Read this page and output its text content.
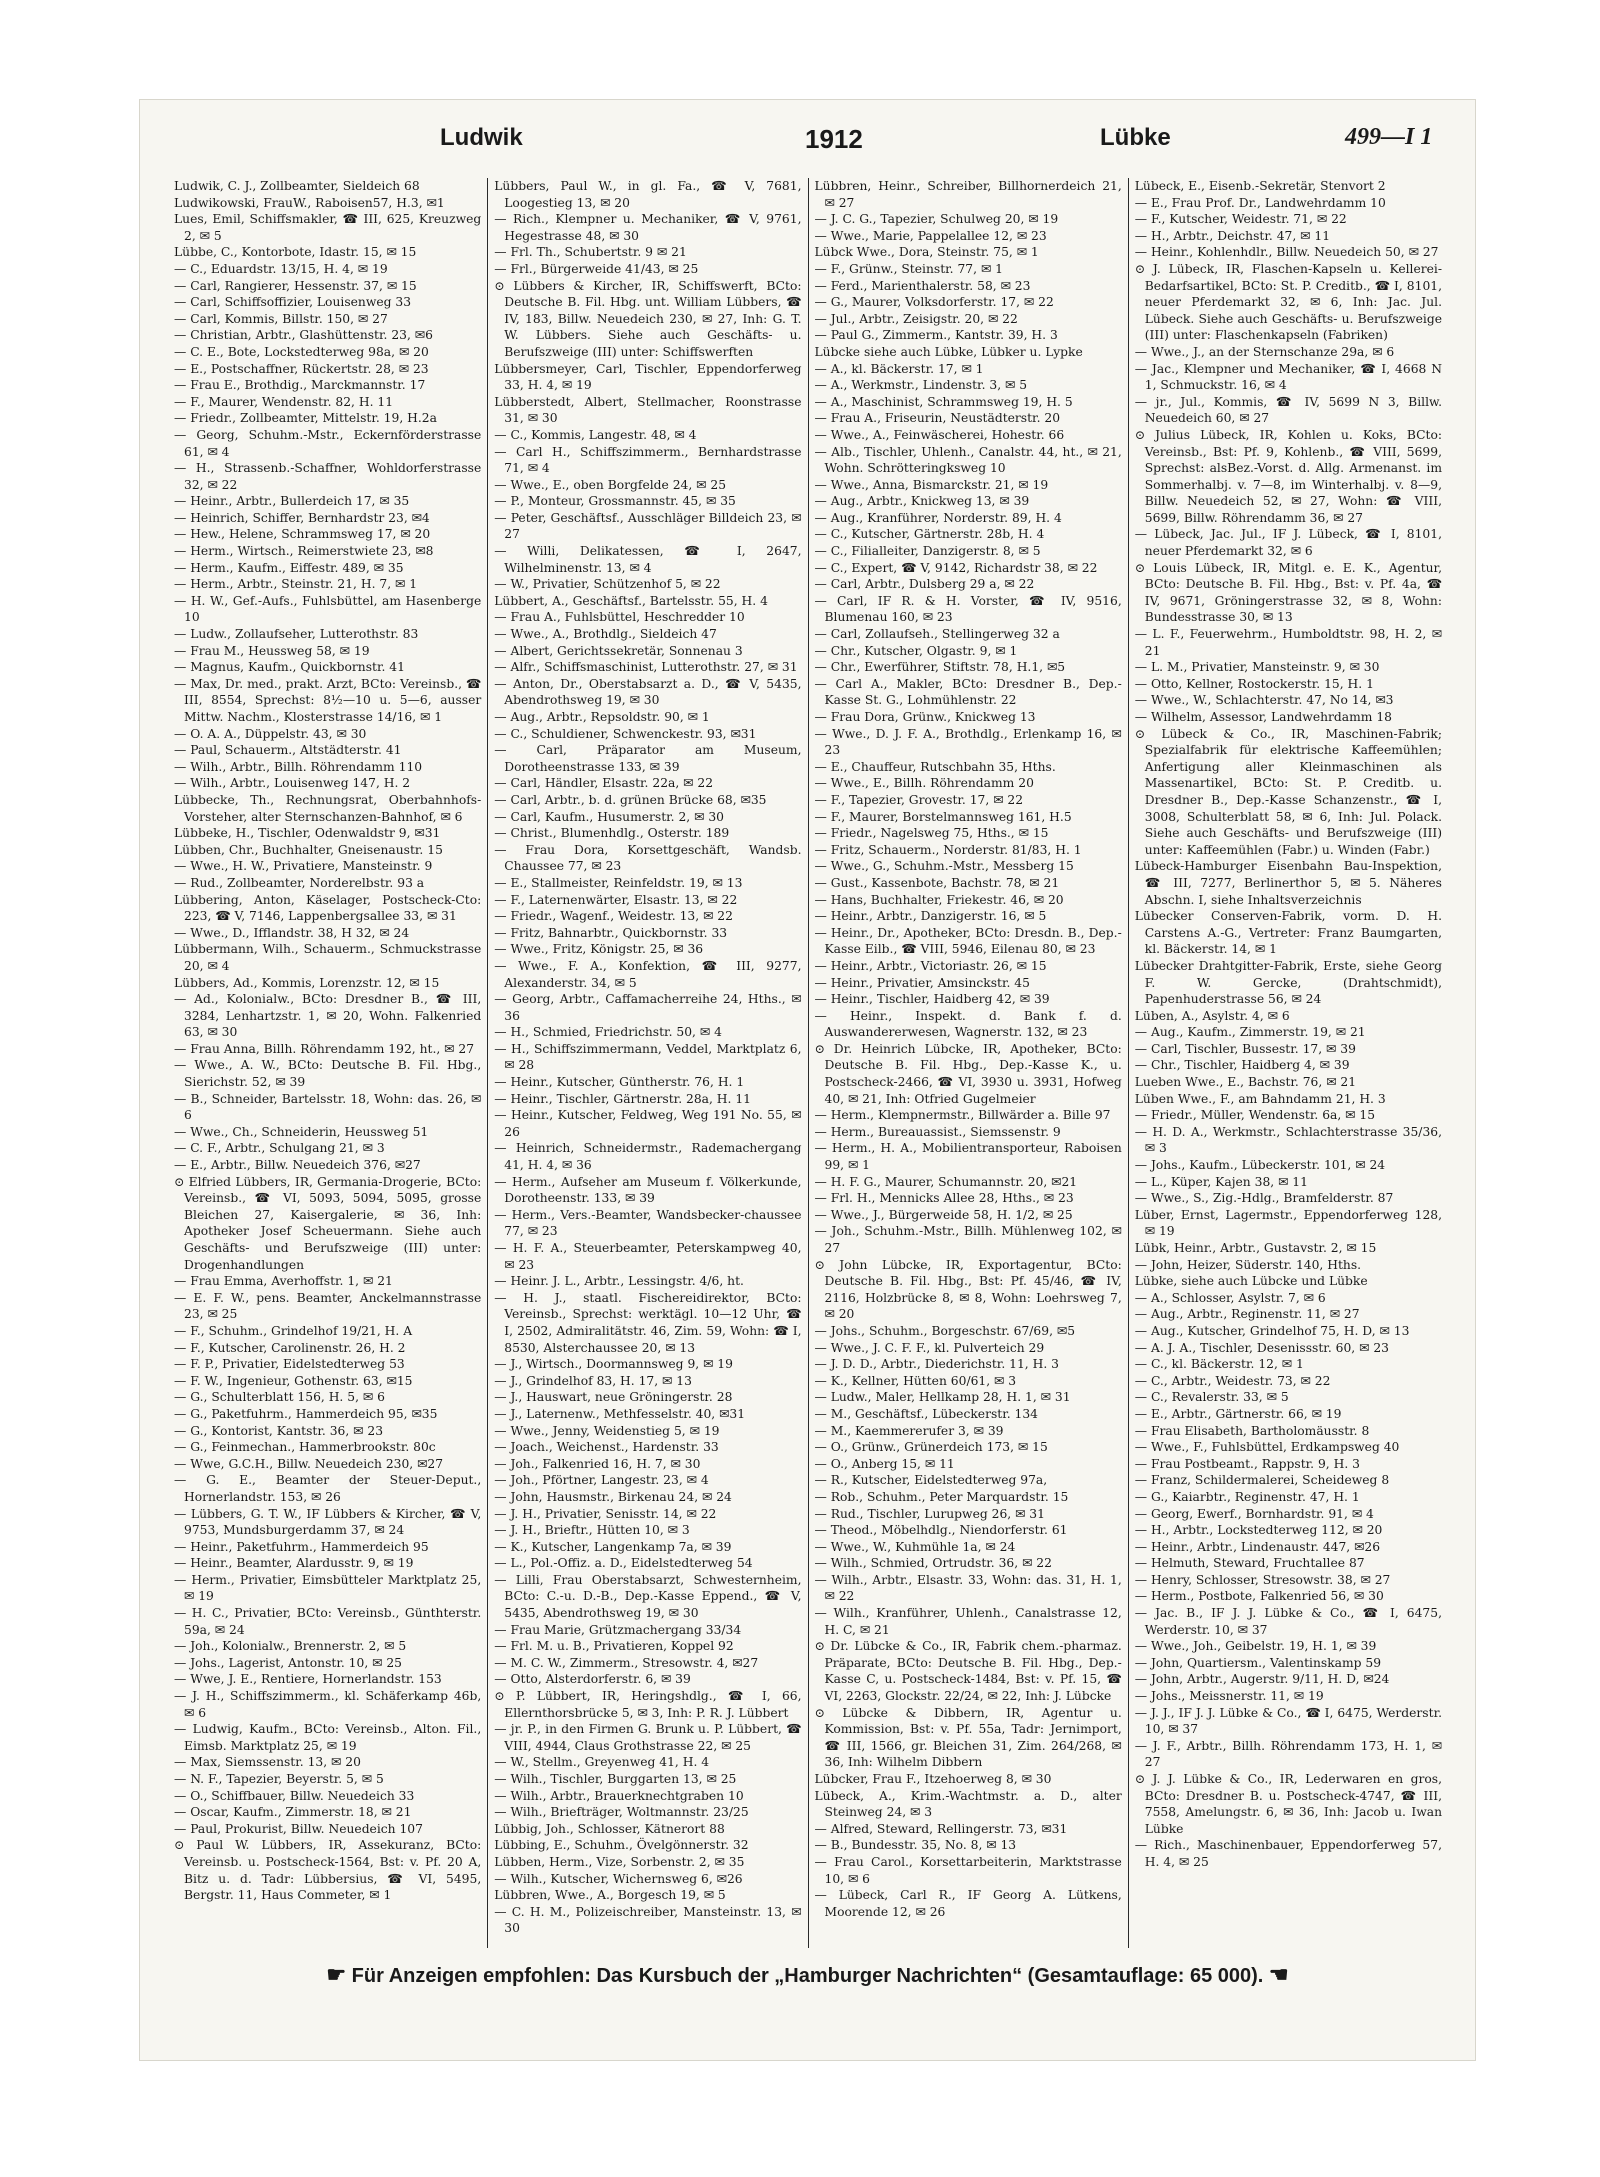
Ludwik	1912	Lübke	499—I 1
Ludwik, C. J., Zollbeamter, Sieldeich 68
Ludwikowski, FrauW., Raboisen57, H.3, ✉1
Lues, Emil, Schiffsmakler, ☎ III, 625, Kreuzweg 2, ✉ 5
Lübbe, C., Kontorbote, Idastr. 15, ✉ 15
— C., Eduardstr. 13/15, H. 4, ✉ 19
— Carl, Rangierer, Hessenstr. 37, ✉ 15
— Carl, Schiffsoffizier, Louisenweg 33
— Carl, Kommis, Billstr. 150, ✉ 27
— Christian, Arbtr., Glashüttenstr. 23, ✉6
— C. E., Bote, Lockstedterweg 98a, ✉ 20
— E., Postschaffner, Rückertstr. 28, ✉ 23
— Frau E., Brothdig., Marckmannstr. 17
— F., Maurer, Wendenstr. 82, H. 11
— Friedr., Zollbeamter, Mittelstr. 19, H.2a
— Georg, Schuhm.-Mstr., Eckernförderstrasse 61, ✉ 4
— H., Strassenb.-Schaffner, Wohldorferstrasse 32, ✉ 22
— Heinr., Arbtr., Bullerdeich 17, ✉ 35
— Heinrich, Schiffer, Bernhardstr 23, ✉4
— Hew., Helene, Schrammsweg 17, ✉ 20
— Herm., Wirtsch., Reimerstwiete 23, ✉8
— Herm., Kaufm., Eiffestr. 489, ✉ 35
— Herm., Arbtr., Steinstr. 21, H. 7, ✉ 1
— H. W., Gef.-Aufs., Fuhlsbüttel, am Hasenberge 10
— Ludw., Zollaufseher, Lutterothstr. 83
— Frau M., Heussweg 58, ✉ 19
— Magnus, Kaufm., Quickbornstr. 41
— Max, Dr. med., prakt. Arzt, BCto: Vereinsb., ☎ III, 8554, Sprechst: 8½—10 u. 5—6, ausser Mittw. Nachm., Klosterstrasse 14/16, ✉ 1
— O. A. A., Düppelstr. 43, ✉ 30
— Paul, Schauerm., Altstädterstr. 41
— Wilh., Arbtr., Billh. Röhrendamm 110
— Wilh., Arbtr., Louisenweg 147, H. 2
Lübbecke, Th., Rechnungsrat, Oberbahnhofs-Vorsteher, alter Sternschanzen-Bahnhof, ✉ 6
Lübbeke, H., Tischler, Odenwaldstr 9, ✉31
Lübben, Chr., Buchhalter, Gneisenaustr. 15
— Wwe., H. W., Privatiere, Mansteinstr. 9
— Rud., Zollbeamter, Norderelbstr. 93 a
Lübbering, Anton, Käselager, Postscheck-Cto: 223, ☎ V, 7146, Lappenbergsallee 33, ✉ 31
— Wwe., D., Ifflandstr. 38, H 32, ✉ 24
Lübbermann, Wilh., Schauerm., Schmuckstrasse 20, ✉ 4
Lübbers, Ad., Kommis, Lorenzstr. 12, ✉ 15
— Ad., Kolonialw., BCto: Dresdner B., ☎ III, 3284, Lenhartzstr. 1, ✉ 20, Wohn. Falkenried 63, ✉ 30
— Frau Anna, Billh. Röhrendamm 192, ht., ✉ 27
— Wwe., A. W., BCto: Deutsche B. Fil. Hbg., Sierichstr. 52, ✉ 39
— B., Schneider, Bartelsstr. 18, Wohn: das. 26, ✉ 6
— Wwe., Ch., Schneiderin, Heussweg 51
— C. F., Arbtr., Schulgang 21, ✉ 3
— E., Arbtr., Billw. Neuedeich 376, ✉27
⊙ Elfried Lübbers, IR, Germania-Drogerie, BCto: Vereinsb., ☎ VI, 5093, 5094, 5095, grosse Bleichen 27, Kaisergalerie, ✉ 36, Inh: Apotheker Josef Scheuermann. Siehe auch Geschäfts- und Berufszweige (III) unter: Drogenhandlungen
— Frau Emma, Averhoffstr. 1, ✉ 21
— E. F. W., pens. Beamter, Anckelmannstrasse 23, ✉ 25
— F., Schuhm., Grindelhof 19/21, H. A
— F., Kutscher, Carolinenstr. 26, H. 2
— F. P., Privatier, Eidelstedterweg 53
— F. W., Ingenieur, Gothenstr. 63, ✉15
— G., Schulterblatt 156, H. 5, ✉ 6
— G., Paketfuhrm., Hammerdeich 95, ✉35
— G., Kontorist, Kantstr. 36, ✉ 23
— G., Feinmechan., Hammerbrookstr. 80c
— Wwe, G.C.H., Billw. Neuedeich 230, ✉27
— G. E., Beamter der Steuer-Deput., Hornerlandstr. 153, ✉ 26
— Lübbers, G. T. W., IF Lübbers & Kircher, ☎ V, 9753, Mundsburgerdamm 37, ✉ 24
— Heinr., Paketfuhrm., Hammerdeich 95
— Heinr., Beamter, Alardusstr. 9, ✉ 19
— Herm., Privatier, Eimsbütteler Marktplatz 25, ✉ 19
— H. C., Privatier, BCto: Vereinsb., Günthterstr. 59a, ✉ 24
— Joh., Kolonialw., Brennerstr. 2, ✉ 5
— Johs., Lagerist, Antonstr. 10, ✉ 25
— Wwe, J. E., Rentiere, Hornerlandstr. 153
— J. H., Schiffszimmerm., kl. Schäferkamp 46b, ✉ 6
— Ludwig, Kaufm., BCto: Vereinsb., Alton. Fil., Eimsb. Marktplatz 25, ✉ 19
— Max, Siemssenstr. 13, ✉ 20
— N. F., Tapezier, Beyerstr. 5, ✉ 5
— O., Schiffbauer, Billw. Neuedeich 33
— Oscar, Kaufm., Zimmerstr. 18, ✉ 21
— Paul, Prokurist, Billw. Neuedeich 107
⊙ Paul W. Lübbers, IR, Assekuranz, BCto: Vereinsb. u. Postscheck-1564, Bst: v. Pf. 20 A, Bitz u. d. Tadr: Lübbersius, ☎ VI, 5495, Bergstr. 11, Haus Commeter, ✉ 1
Lübbers, Paul W., in gl. Fa., ☎ V, 7681, Loogestieg 13, ✉ 20
— Rich., Klempner u. Mechaniker, ☎ V, 9761, Hegestrasse 48, ✉ 30
— Frl. Th., Schubertstr. 9 ✉ 21
— Frl., Bürgerweide 41/43, ✉ 25
⊙ Lübbers & Kircher, IR, Schiffswerft, BCto: Deutsche B. Fil. Hbg. unt. William Lübbers, ☎ IV, 183, Billw. Neuedeich 230, ✉ 27, Inh: G. T. W. Lübbers. Siehe auch Geschäfts- u. Berufszweige (III) unter: Schiffswerften
Lübbersmeyer, Carl, Tischler, Eppendorferweg 33, H. 4, ✉ 19
Lübberstedt, Albert, Stellmacher, Roonstrasse 31, ✉ 30
— C., Kommis, Langestr. 48, ✉ 4
— Carl H., Schiffszimmerm., Bernhardstrasse 71, ✉ 4
— Wwe., E., oben Borgfelde 24, ✉ 25
— P., Monteur, Grossmannstr. 45, ✉ 35
— Peter, Geschäftsf., Ausschläger Billdeich 23, ✉ 27
— Willi, Delikatessen, ☎ I, 2647, Wilhelminenstr. 13, ✉ 4
— W., Privatier, Schützenhof 5, ✉ 22
Lübbert, A., Geschäftsf., Bartelsstr. 55, H. 4
— Frau A., Fuhlsbüttel, Heschredder 10
— Wwe., A., Brothdlg., Sieldeich 47
— Albert, Gerichtssekretär, Sonnenau 3
— Alfr., Schiffsmaschinist, Lutterothstr. 27, ✉ 31
— Anton, Dr., Oberstabsarzt a. D., ☎ V, 5435, Abendrothsweg 19, ✉ 30
— Aug., Arbtr., Repsoldstr. 90, ✉ 1
— C., Schuldiener, Schwenckestr. 93, ✉31
— Carl, Präparator am Museum, Dorotheenstrasse 133, ✉ 39
— Carl, Händler, Elsastr. 22a, ✉ 22
— Carl, Arbtr., b. d. grünen Brücke 68, ✉35
— Carl, Kaufm., Husumerstr. 2, ✉ 30
— Christ., Blumenhdlg., Osterstr. 189
— Frau Dora, Korsettgeschäft, Wandsb. Chaussee 77, ✉ 23
— E., Stallmeister, Reinfeldstr. 19, ✉ 13
— F., Laternenwärter, Elsastr. 13, ✉ 22
— Friedr., Wagenf., Weidestr. 13, ✉ 22
— Fritz, Bahnarbtr., Quickbornstr. 33
— Wwe., Fritz, Königstr. 25, ✉ 36
— Wwe., F. A., Konfektion, ☎ III, 9277, Alexanderstr. 34, ✉ 5
— Georg, Arbtr., Caffamacherreihe 24, Hths., ✉ 36
— H., Schmied, Friedrichstr. 50, ✉ 4
— H., Schiffszimmermann, Veddel, Marktplatz 6, ✉ 28
— Heinr., Kutscher, Güntherstr. 76, H. 1
— Heinr., Tischler, Gärtnerstr. 28a, H. 11
— Heinr., Kutscher, Feldweg, Weg 191 No. 55, ✉ 26
— Heinrich, Schneidermstr., Rademachergang 41, H. 4, ✉ 36
— Herm., Aufseher am Museum f. Völkerkunde, Dorotheenstr. 133, ✉ 39
— Herm., Vers.-Beamter, Wandsbecker-chaussee 77, ✉ 23
— H. F. A., Steuerbeamter, Peterskampweg 40, ✉ 23
— Heinr. J. L., Arbtr., Lessingstr. 4/6, ht.
— H. J., staatl. Fischereidirektor, BCto: Vereinsb., Sprechst: werktägl. 10—12 Uhr, ☎ I, 2502, Admiralitätstr. 46, Zim. 59, Wohn: ☎ I, 8530, Alsterchaussee 20, ✉ 13
— J., Wirtsch., Doormannsweg 9, ✉ 19
— J., Grindelhof 83, H. 17, ✉ 13
— J., Hauswart, neue Gröningerstr. 28
— J., Laternenw., Methfesselstr. 40, ✉31
— Wwe., Jenny, Weidenstieg 5, ✉ 19
— Joach., Weichenst., Hardenstr. 33
— Joh., Falkenried 16, H. 7, ✉ 30
— Joh., Pförtner, Langestr. 23, ✉ 4
— John, Hausmstr., Birkenau 24, ✉ 24
— J. H., Privatier, Senisstr. 14, ✉ 22
— J. H., Brieftr., Hütten 10, ✉ 3
— K., Kutscher, Langenkamp 7a, ✉ 39
— L., Pol.-Offiz. a. D., Eidelstedterweg 54
— Lilli, Frau Oberstabsarzt, Schwesternheim, BCto: C.-u. D.-B., Dep.-Kasse Eppend., ☎ V, 5435, Abendrothsweg 19, ✉ 30
— Frau Marie, Grützmachergang 33/34
— Frl. M. u. B., Privatieren, Koppel 92
— M. C. W., Zimmerm., Stresowstr. 4, ✉27
— Otto, Alsterdorferstr. 6, ✉ 39
⊙ P. Lübbert, IR, Heringshdlg., ☎ I, 66, Ellernthorsbrücke 5, ✉ 3, Inh: P. R. J. Lübbert
— jr. P., in den Firmen G. Brunk u. P. Lübbert, ☎ VIII, 4944, Claus Grothstrasse 22, ✉ 25
— W., Stellm., Greyenweg 41, H. 4
— Wilh., Tischler, Burggarten 13, ✉ 25
— Wilh., Arbtr., Brauerknechtgraben 10
— Wilh., Briefträger, Woltmannstr. 23/25
Lübbig, Joh., Schlosser, Kätnerort 88
Lübbing, E., Schuhm., Övelgönnerstr. 32
Lübben, Herm., Vize, Sorbenstr. 2, ✉ 35
— Wilh., Kutscher, Wichernsweg 6, ✉26
Lübbren, Wwe., A., Borgesch 19, ✉ 5
— C. H. M., Polizeischreiber, Mansteinstr. 13, ✉ 30
Lübbren, Heinr., Schreiber, Billhornerdeich 21, ✉ 27
— J. C. G., Tapezier, Schulweg 20, ✉ 19
— Wwe., Marie, Pappelallee 12, ✉ 23
Lübck Wwe., Dora, Steinstr. 75, ✉ 1
— F., Grünw., Steinstr. 77, ✉ 1
— Ferd., Marienthalerstr. 58, ✉ 23
— G., Maurer, Volksdorferstr. 17, ✉ 22
— Jul., Arbtr., Zeisigstr. 20, ✉ 22
— Paul G., Zimmerm., Kantstr. 39, H. 3
Lübcke siehe auch Lübke, Lübker u. Lypke
— A., kl. Bäckerstr. 17, ✉ 1
— A., Werkmstr., Lindenstr. 3, ✉ 5
— A., Maschinist, Schrammsweg 19, H. 5
— Frau A., Friseurin, Neustädterstr. 20
— Wwe., A., Feinwäscherei, Hohestr. 66
— Alb., Tischler, Uhlenh., Canalstr. 44, ht., ✉ 21, Wohn. Schrötteringksweg 10
— Wwe., Anna, Bismarckstr. 21, ✉ 19
— Aug., Arbtr., Knickweg 13, ✉ 39
— Aug., Kranführer, Norderstr. 89, H. 4
— C., Kutscher, Gärtnerstr. 28b, H. 4
— C., Filialleiter, Danzigerstr. 8, ✉ 5
— C., Expert, ☎ V, 9142, Richardstr 38, ✉ 22
— Carl, Arbtr., Dulsberg 29 a, ✉ 22
— Carl, IF R. & H. Vorster, ☎ IV, 9516, Blumenau 160, ✉ 23
— Carl, Zollaufseh., Stellingerweg 32 a
— Chr., Kutscher, Olgastr. 9, ✉ 1
— Chr., Ewerführer, Stiftstr. 78, H.1, ✉5
— Carl A., Makler, BCto: Dresdner B., Dep.-Kasse St. G., Lohmühlenstr. 22
— Frau Dora, Grünw., Knickweg 13
— Wwe., D. J. F. A., Brothdlg., Erlenkamp 16, ✉ 23
— E., Chauffeur, Rutschbahn 35, Hths.
— Wwe., E., Billh. Röhrendamm 20
— F., Tapezier, Grovestr. 17, ✉ 22
— F., Maurer, Borstelmannsweg 161, H.5
— Friedr., Nagelsweg 75, Hths., ✉ 15
— Fritz, Schauerm., Norderstr. 81/83, H. 1
— Wwe., G., Schuhm.-Mstr., Messberg 15
— Gust., Kassenbote, Bachstr. 78, ✉ 21
— Hans, Buchhalter, Friekestr. 46, ✉ 20
— Heinr., Arbtr., Danzigerstr. 16, ✉ 5
— Heinr., Dr., Apotheker, BCto: Dresdn. B., Dep.-Kasse Eilb., ☎ VIII, 5946, Eilenau 80, ✉ 23
— Heinr., Arbtr., Victoriastr. 26, ✉ 15
— Heinr., Privatier, Amsinckstr. 45
— Heinr., Tischler, Haidberg 42, ✉ 39
— Heinr., Inspekt. d. Bank f. d. Auswandererwesen, Wagnerstr. 132, ✉ 23
⊙ Dr. Heinrich Lübcke, IR, Apotheker, BCto: Deutsche B. Fil. Hbg., Dep.-Kasse K., u. Postscheck-2466, ☎ VI, 3930 u. 3931, Hofweg 40, ✉ 21, Inh: Otfried Gugelmeier
— Herm., Klempnermstr., Billwärder a. Bille 97
— Herm., Bureauassist., Siemssenstr. 9
— Herm., H. A., Mobilientransporteur, Raboisen 99, ✉ 1
— H. F. G., Maurer, Schumannstr. 20, ✉21
— Frl. H., Mennicks Allee 28, Hths., ✉ 23
— Wwe., J., Bürgerweide 58, H. 1/2, ✉ 25
— Joh., Schuhm.-Mstr., Billh. Mühlenweg 102, ✉ 27
⊙ John Lübcke, IR, Exportagentur, BCto: Deutsche B. Fil. Hbg., Bst: Pf. 45/46, ☎ IV, 2116, Holzbrücke 8, ✉ 8, Wohn: Loehrsweg 7, ✉ 20
— Johs., Schuhm., Borgeschstr. 67/69, ✉5
— Wwe., J. C. F. F., kl. Pulverteich 29
— J. D. D., Arbtr., Diederichstr. 11, H. 3
— K., Kellner, Hütten 60/61, ✉ 3
— Ludw., Maler, Hellkamp 28, H. 1, ✉ 31
— M., Geschäftsf., Lübeckerstr. 134
— M., Kaemmererufer 3, ✉ 39
— O., Grünw., Grünerdeich 173, ✉ 15
— O., Anberg 15, ✉ 11
— R., Kutscher, Eidelstedterweg 97a,
— Rob., Schuhm., Peter Marquardstr. 15
— Rud., Tischler, Lurupweg 26, ✉ 31
— Theod., Möbelhdlg., Niendorferstr. 61
— Wwe., W., Kuhmühle 1a, ✉ 24
— Wilh., Schmied, Ortrudstr. 36, ✉ 22
— Wilh., Arbtr., Elsastr. 33, Wohn: das. 31, H. 1, ✉ 22
— Wilh., Kranführer, Uhlenh., Canalstrasse 12, H. C, ✉ 21
⊙ Dr. Lübcke & Co., IR, Fabrik chem.-pharmaz. Präparate, BCto: Deutsche B. Fil. Hbg., Dep.-Kasse C, u. Postscheck-1484, Bst: v. Pf. 15, ☎ VI, 2263, Glockstr. 22/24, ✉ 22, Inh: J. Lübcke
⊙ Lübcke & Dibbern, IR, Agentur u. Kommission, Bst: v. Pf. 55a, Tadr: Jernimport, ☎ III, 1566, gr. Bleichen 31, Zim. 264/268, ✉ 36, Inh: Wilhelm Dibbern
Lübcker, Frau F., Itzehoerweg 8, ✉ 30
Lübeck, A., Krim.-Wachtmstr. a. D., alter Steinweg 24, ✉ 3
— Alfred, Steward, Rellingerstr. 73, ✉31
— B., Bundesstr. 35, No. 8, ✉ 13
— Frau Carol., Korsettarbeiterin, Marktstrasse 10, ✉ 6
— Lübeck, Carl R., IF Georg A. Lütkens, Moorende 12, ✉ 26
Lübeck, E., Eisenb.-Sekretär, Stenvort 2
— E., Frau Prof. Dr., Landwehrdamm 10
— F., Kutscher, Weidestr. 71, ✉ 22
— H., Arbtr., Deichstr. 47, ✉ 11
— Heinr., Kohlenhdlr., Billw. Neuedeich 50, ✉ 27
⊙ J. Lübeck, IR, Flaschen-Kapseln u. Kellerei-Bedarfsartikel, BCto: St. P. Creditb., ☎ I, 8101, neuer Pferdemarkt 32, ✉ 6, Inh: Jac. Jul. Lübeck. Siehe auch Geschäfts- u. Berufszweige (III) unter: Flaschenkapseln (Fabriken)
— Wwe., J., an der Sternschanze 29a, ✉ 6
— Jac., Klempner und Mechaniker, ☎ I, 4668 N 1, Schmuckstr. 16, ✉ 4
— jr., Jul., Kommis, ☎ IV, 5699 N 3, Billw. Neuedeich 60, ✉ 27
⊙ Julius Lübeck, IR, Kohlen u. Koks, BCto: Vereinsb., Bst: Pf. 9, Kohlenb., ☎ VIII, 5699, Sprechst: alsBez.-Vorst. d. Allg. Armenanst. im Sommerhalbj. v. 7—8, im Winterhalbj. v. 8—9, Billw. Neuedeich 52, ✉ 27, Wohn: ☎ VIII, 5699, Billw. Röhrendamm 36, ✉ 27
— Lübeck, Jac. Jul., IF J. Lübeck, ☎ I, 8101, neuer Pferdemarkt 32, ✉ 6
⊙ Louis Lübeck, IR, Mitgl. e. E. K., Agentur, BCto: Deutsche B. Fil. Hbg., Bst: v. Pf. 4a, ☎ IV, 9671, Gröningerstrasse 32, ✉ 8, Wohn: Bundesstrasse 30, ✉ 13
— L. F., Feuerwehrm., Humboldtstr. 98, H. 2, ✉ 21
— L. M., Privatier, Mansteinstr. 9, ✉ 30
— Otto, Kellner, Rostockerstr. 15, H. 1
— Wwe., W., Schlachterstr. 47, No 14, ✉3
— Wilhelm, Assessor, Landwehrdamm 18
⊙ Lübeck & Co., IR, Maschinen-Fabrik; Spezialfabrik für elektrische Kaffeemühlen; Anfertigung aller Kleinmaschinen als Massenartikel, BCto: St. P. Creditb. u. Dresdner B., Dep.-Kasse Schanzenstr., ☎ I, 3008, Schulterblatt 58, ✉ 6, Inh: Jul. Polack. Siehe auch Geschäfts- und Berufszweige (III) unter: Kaffeemühlen (Fabr.) u. Winden (Fabr.)
Lübeck-Hamburger Eisenbahn Bau-Inspektion, ☎ III, 7277, Berlinerthor 5, ✉ 5. Näheres Abschn. I, siehe Inhaltsverzeichnis
Lübecker Conserven-Fabrik, vorm. D. H. Carstens A.-G., Vertreter: Franz Baumgarten, kl. Bäckerstr. 14, ✉ 1
Lübecker Drahtgitter-Fabrik, Erste, siehe Georg F. W. Gercke, (Drahtschmidt), Papenhuderstrasse 56, ✉ 24
Lüben, A., Asylstr. 4, ✉ 6
— Aug., Kaufm., Zimmerstr. 19, ✉ 21
— Carl, Tischler, Bussestr. 17, ✉ 39
— Chr., Tischler, Haidberg 4, ✉ 39
Lueben Wwe., E., Bachstr. 76, ✉ 21
Lüben Wwe., F., am Bahndamm 21, H. 3
— Friedr., Müller, Wendenstr. 6a, ✉ 15
— H. D. A., Werkmstr., Schlachterstrasse 35/36, ✉ 3
— Johs., Kaufm., Lübeckerstr. 101, ✉ 24
— L., Küper, Kajen 38, ✉ 11
— Wwe., S., Zig.-Hdlg., Bramfelderstr. 87
Lüber, Ernst, Lagermstr., Eppendorferweg 128, ✉ 19
Lübk, Heinr., Arbtr., Gustavstr. 2, ✉ 15
— John, Heizer, Süderstr. 140, Hths.
Lübke, siehe auch Lübcke und Lübke
— A., Schlosser, Asylstr. 7, ✉ 6
— Aug., Arbtr., Reginenstr. 11, ✉ 27
— Aug., Kutscher, Grindelhof 75, H. D, ✉ 13
— A. J. A., Tischler, Desenissstr. 60, ✉ 23
— C., kl. Bäckerstr. 12, ✉ 1
— C., Arbtr., Weidestr. 73, ✉ 22
— C., Revalerstr. 33, ✉ 5
— E., Arbtr., Gärtnerstr. 66, ✉ 19
— Frau Elisabeth, Bartholomäusstr. 8
— Wwe., F., Fuhlsbüttel, Erdkampsweg 40
— Frau Postbeamt., Rappstr. 9, H. 3
— Franz, Schildermalerei, Scheideweg 8
— G., Kaiarbtr., Reginenstr. 47, H. 1
— Georg, Ewerf., Bornhardstr. 91, ✉ 4
— H., Arbtr., Lockstedterweg 112, ✉ 20
— Heinr., Arbtr., Lindenaustr. 447, ✉26
— Helmuth, Steward, Fruchtallee 87
— Henry, Schlosser, Stresowstr. 38, ✉ 27
— Herm., Postbote, Falkenried 56, ✉ 30
— Jac. B., IF J. J. Lübke & Co., ☎ I, 6475, Werderstr. 10, ✉ 37
— Wwe., Joh., Geibelstr. 19, H. 1, ✉ 39
— John, Quartiersm., Valentinskamp 59
— John, Arbtr., Augerstr. 9/11, H. D, ✉24
— Johs., Meissnerstr. 11, ✉ 19
— J. J., IF J. J. Lübke & Co., ☎ I, 6475, Werderstr. 10, ✉ 37
— J. F., Arbtr., Billh. Röhrendamm 173, H. 1, ✉ 27
⊙ J. J. Lübke & Co., IR, Lederwaren en gros, BCto: Dresdner B. u. Postscheck-4747, ☎ III, 7558, Amelungstr. 6, ✉ 36, Inh: Jacob u. Iwan Lübke
— Rich., Maschinenbauer, Eppendorferweg 57, H. 4, ✉ 25
☛ Für Anzeigen empfohlen: Das Kursbuch der „Hamburger Nachrichten“ (Gesamtauflage: 65 000). ☚
